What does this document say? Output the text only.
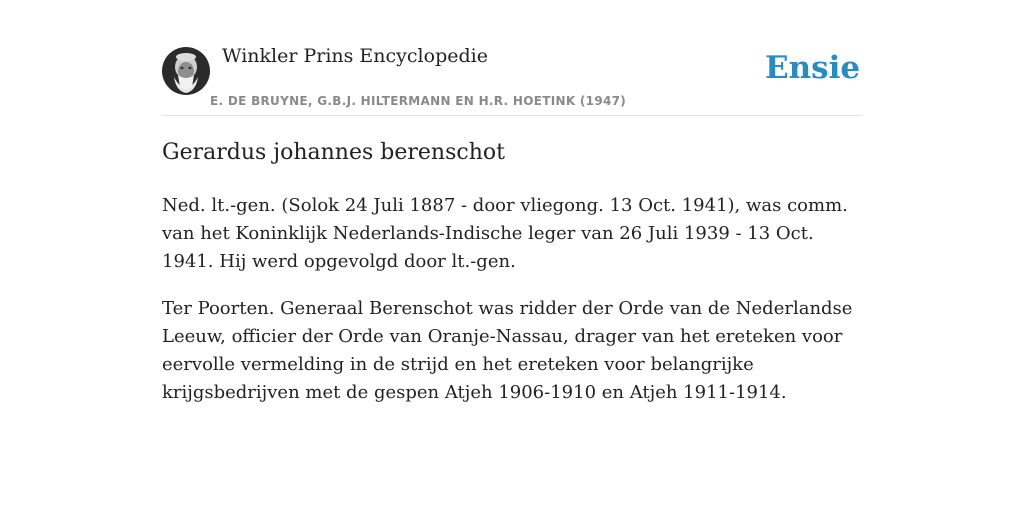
Winkler Prins Encyclopedie
E. DE BRUYNE, G.B.J. HILTERMANN EN H.R. HOETINK (1947)
Ensie
Gerardus johannes berenschot

Ned. lt.-gen. (Solok 24 Juli 1887 - door vliegong. 13 Oct. 1941), was comm. van het Koninklijk Nederlands-Indische leger van 26 Juli 1939 - 13 Oct. 1941. Hij werd opgevolgd door lt.-gen.

Ter Poorten. Generaal Berenschot was ridder der Orde van de Nederlandse Leeuw, officier der Orde van Oranje-Nassau, drager van het ereteken voor eervolle vermelding in de strijd en het ereteken voor belangrijke krijgsbedrijven met de gespen Atjeh 1906-1910 en Atjeh 1911-1914.
